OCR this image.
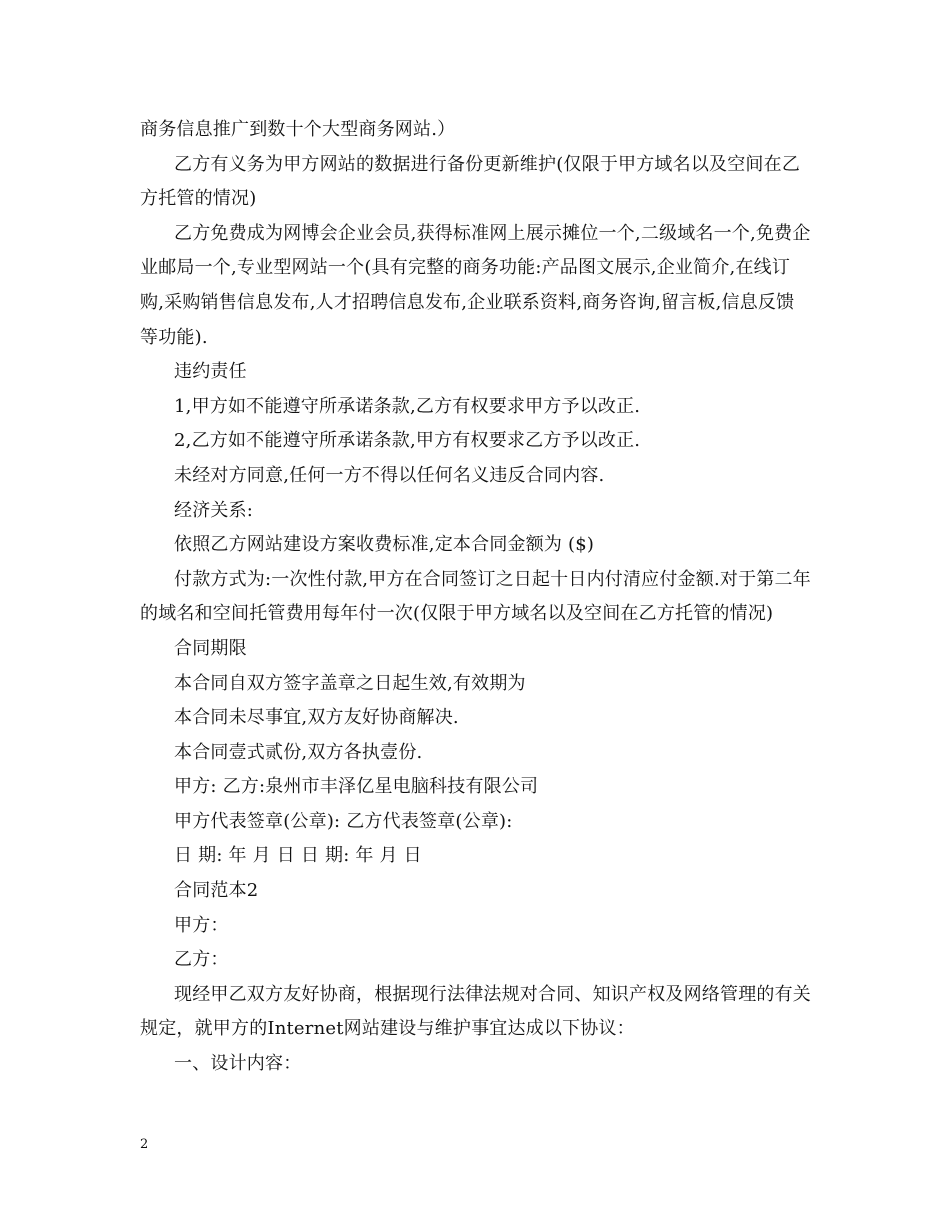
商务信息推广到数十个大型商务网站.）

乙方有义务为甲方网站的数据进行备份更新维护(仅限于甲方域名以及空间在乙方托管的情况)

乙方免费成为网博会企业会员,获得标准网上展示摊位一个,二级域名一个,免费企业邮局一个,专业型网站一个(具有完整的商务功能:产品图文展示,企业简介,在线订购,采购销售信息发布,人才招聘信息发布,企业联系资料,商务咨询,留言板,信息反馈等功能).

违约责任

1,甲方如不能遵守所承诺条款,乙方有权要求甲方予以改正.

2,乙方如不能遵守所承诺条款,甲方有权要求乙方予以改正.

未经对方同意,任何一方不得以任何名义违反合同内容.

经济关系:

依照乙方网站建设方案收费标准,定本合同金额为 ($)

付款方式为:一次性付款,甲方在合同签订之日起十日内付清应付金额.对于第二年的域名和空间托管费用每年付一次(仅限于甲方域名以及空间在乙方托管的情况)

合同期限

本合同自双方签字盖章之日起生效,有效期为

本合同未尽事宜,双方友好协商解决.

本合同壹式贰份,双方各执壹份.

甲方: 乙方:泉州市丰泽亿星电脑科技有限公司

甲方代表签章(公章): 乙方代表签章(公章):

日 期: 年 月 日 日 期: 年 月 日

合同范本2

甲方：

乙方：

现经甲乙双方友好协商，根据现行法律法规对合同、知识产权及网络管理的有关规定，就甲方的Internet网站建设与维护事宜达成以下协议：

一、设计内容：

2
